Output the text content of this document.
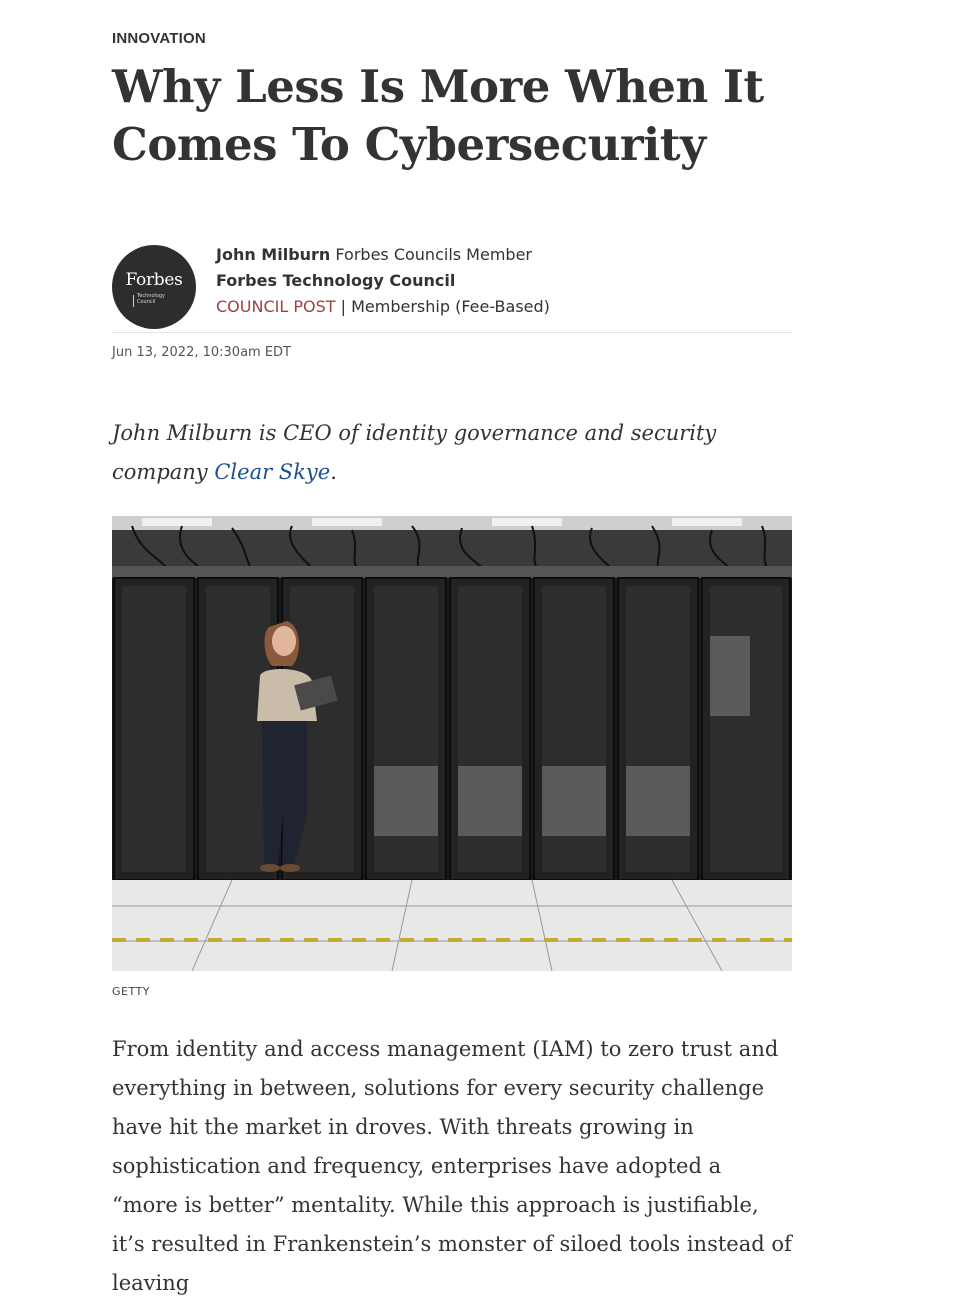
INNOVATION
Why Less Is More When It Comes To Cybersecurity
Forbes
Technology Council
John Milburn Forbes Councils Member
Forbes Technology Council
COUNCIL POST | Membership (Fee-Based)
Jun 13, 2022, 10:30am EDT

John Milburn is CEO of identity governance and security company Clear Skye.

GETTY

From identity and access management (IAM) to zero trust and everything in between, solutions for every security challenge have hit the market in droves. With threats growing in sophistication and frequency, enterprises have adopted a “more is better” mentality. While this approach is justifiable, it’s resulted in Frankenstein’s monster of siloed tools instead of leaving
